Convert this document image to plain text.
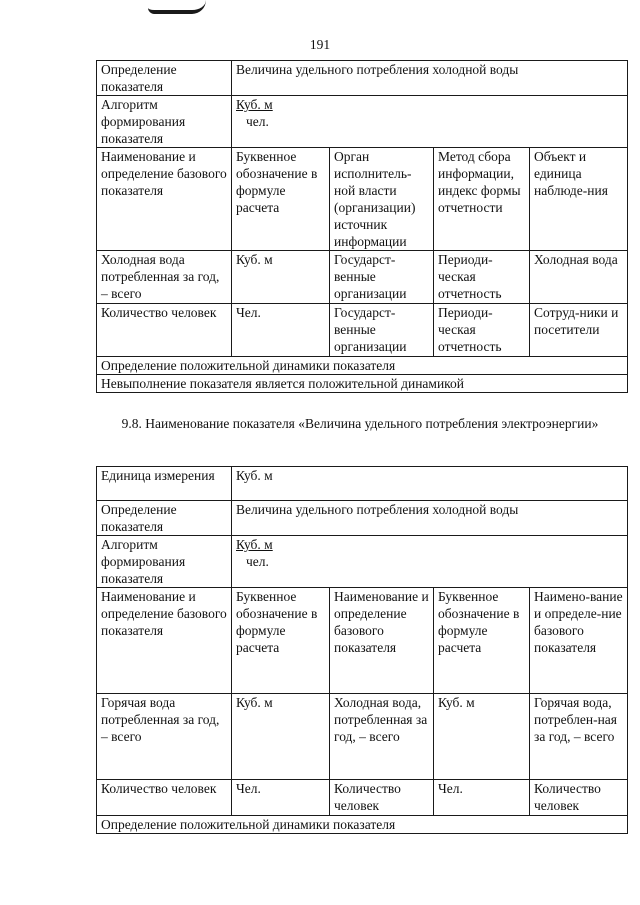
191
Определение показателя	Величина удельного потребления холодной воды			
Алгоритм формирования показателя	Куб. м
чел.			

Наименование и определение базового показателя	Буквенное обозначение в формуле расчета	Орган исполнитель-ной власти (организации) источник информации	Метод сбора информации, индекс формы отчетности	Объект и единица наблюде-ния
Холодная вода потребленная за год, – всего	Куб. м	Государст-венные организации	Периоди-ческая отчетность	Холодная вода
Количество человек	Чел.	Государст-венные организации	Периоди-ческая отчетность	Сотруд-ники и посетители
Определение положительной динамики показателя				
Невыполнение показателя является положительной динамикой				
9.8. Наименование показателя «Величина удельного потребления электроэнергии»
Единица измерения	Куб. м			
Определение показателя	Величина удельного потребления холодной воды			
Алгоритм формирования показателя	Куб. м
чел.			

Наименование и определение базового показателя	Буквенное обозначение в формуле расчета	Наименование и определение базового показателя	Буквенное обозначение в формуле расчета	Наимено-вание и определе-ние базового показателя
Горячая вода потребленная за год, – всего	Куб. м	Холодная вода, потребленная за год, – всего	Куб. м	Горячая вода, потреблен-ная за год, – всего
Количество человек	Чел.	Количество человек	Чел.	Количество человек
Определение положительной динамики показателя				
